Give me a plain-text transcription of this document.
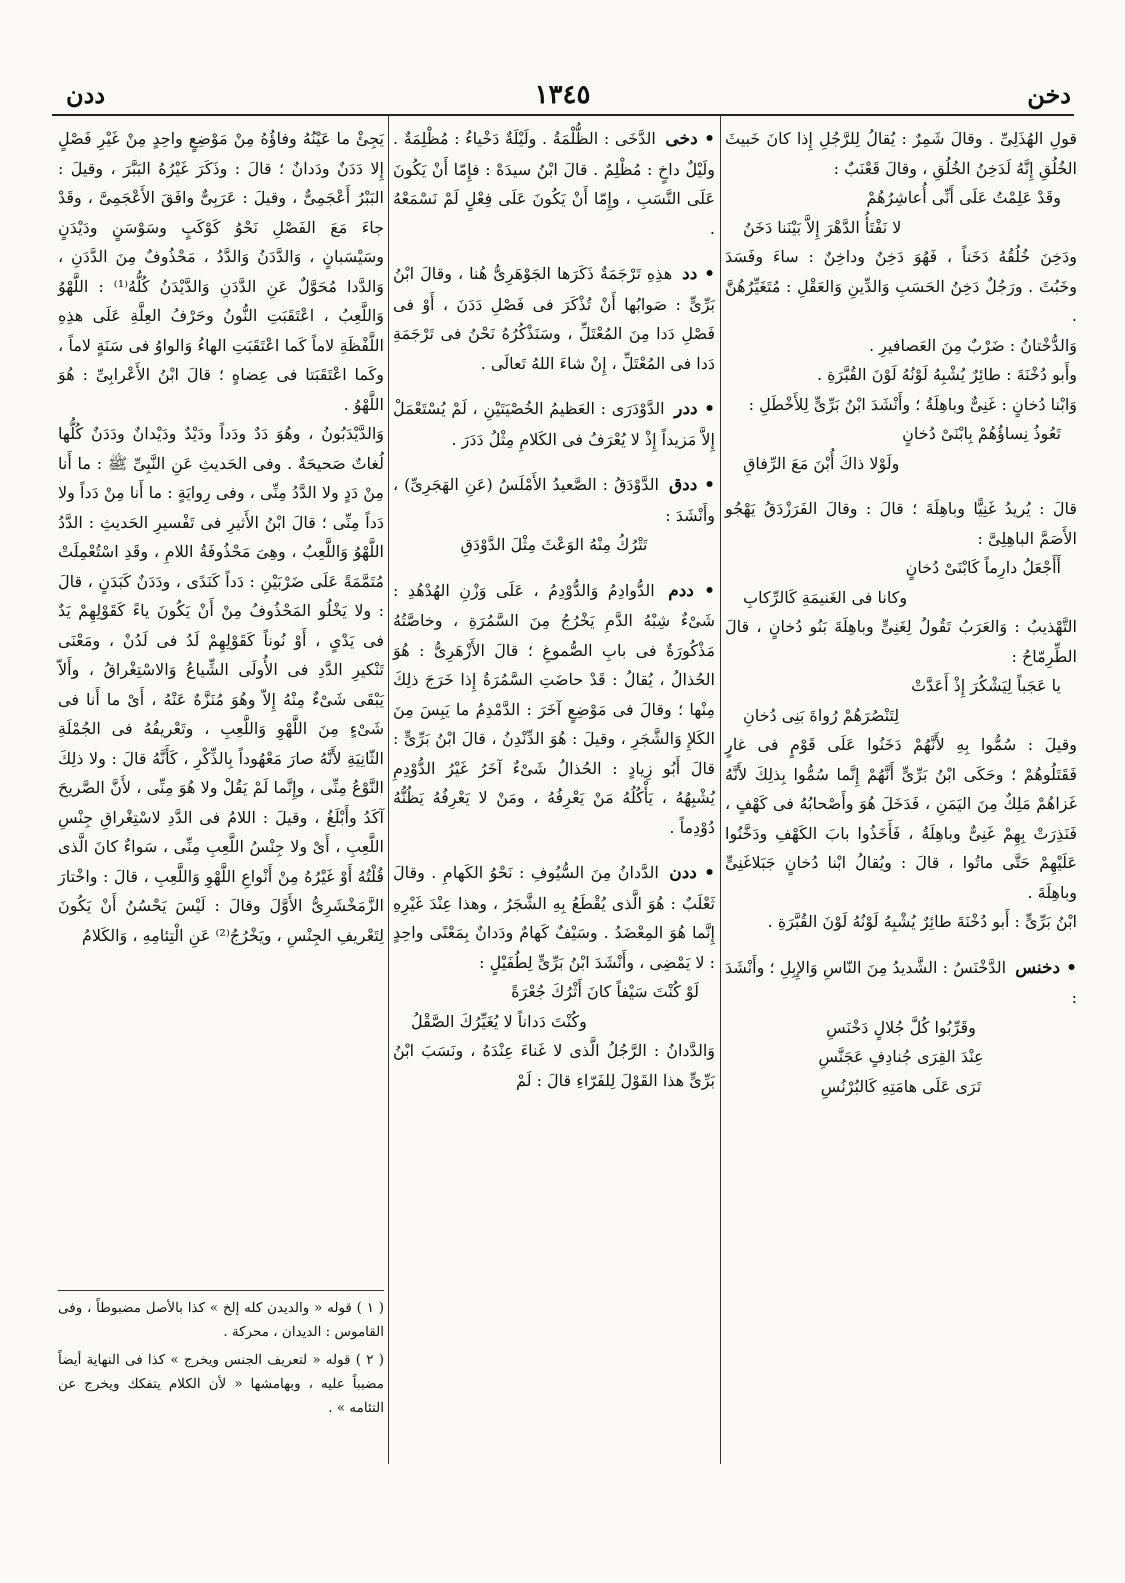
دخن
١٣٤٥
ددن

قولِ الهُذَلِىِّ . وقالَ شَمِرٌ : يُقالُ لِلرَّجُلِ إِذا كانَ خَبيثَ الخُلُقِ إِنَّهُ لَدَخِنُ الخُلُقِ ، وقالَ قَعْنَبٌ :

وقَدْ عَلِمْتُ عَلَى أَنِّى أُعاشِرُهُمْ
لا نَفْتَأُ الدَّهْرَ إِلاَّ بَيْنَنا دَخَنُ

ودَخِنَ خُلُقُهُ دَخَناً ، فَهُوَ دَخِنٌ وداخِنٌ : ساءَ وفَسَدَ وخَبُثَ . ورَجُلٌ دَخِنُ الحَسَبِ وَالدِّينِ وَالعَقْلِ : مُتَغَيِّرُهُنَّ .

وَالدُّخْتانُ : ضَرْبٌ مِنَ العَصافيرِ .

وأَبو دُخْنَةَ : طائِرٌ يُشْبِهُ لَوْنُهُ لَوْنَ القُبَّرَةِ .

وَابْنا دُخانٍ : غَنِىٌّ وباهِلَةُ ؛ وأَنْشَدَ ابْنُ بَرِّىٍّ لِلأَخْطَلِ :

تَعُوذُ نِساؤُهُمْ بِابْنَىْ دُخانٍ
ولَوْلا ذاكَ أُبْنَ مَعَ الرِّفاقِ

قالَ : يُريدُ غَنِيًّا وباهِلَةَ ؛ قالَ : وقالَ الفَرَزْدَقُ يَهْجُو الأَصَمَّ الباهِلِىَّ :

أَأَجْعَلُ دارِماً كَابْنَىْ دُخانٍ
وكانا فى الغَنيمَةِ كَالرِّكابِ

التَّهْذيبُ : وَالعَرَبُ تَقُولُ لِغَنِىٍّ وباهِلَةَ بَنُو دُخانٍ ، قالَ الطِّرِمّاحُ :

يا عَجَباً لِيَشْكُرَ إِذْ أَعَدَّتْ
لِتَنْصُرَهُمْ رُواةَ بَنِى دُخانِ

وقيلَ : سُمُّوا بِهِ لأَنَّهُمْ دَخَنُوا عَلَى قَوْمٍ فى غارٍ فَقَتَلُوهُمْ ؛ وحَكَى ابْنُ بَرِّىٍّ أَنَّهُمْ إِنَّما سُمُّوا بِذلِكَ لأَنَّهُ غَزاهُمْ مَلِكٌ مِنَ اليَمَنِ ، فَدَخَلَ هُوَ وأَصْحابُهُ فى كَهْفٍ ، فَنَذِرَتْ بِهِمْ غَنِىٌّ وباهِلَةُ ، فَأَخَذُوا بابَ الكَهْفِ ودَخَّنُوا عَلَيْهِمْ حَتَّى ماتُوا ، قالَ : ويُقالُ ابْنا دُخانٍ جَبَلاغَنِىٍّ وباهِلَةَ .

ابْنُ بَرِّىٍّ : أَبو دُخْنَةَ طائِرٌ يُشْبِهُ لَوْنُهُ لَوْنَ القُبَّرَةِ .

• دخنس الدَّخْنَسُ : الشَّديدُ مِنَ النّاسِ وَالإِبِلِ ؛ وأَنْشَدَ :

وقَرِّبُوا كُلَّ جُلالٍ دَخْنَسِ
عِنْدَ القِرَى جُنادِفٍ عَجَنَّسِ
تَرَى عَلَى هامَتِهِ كَالبُرْنُسِ

• دخى الدَّخَى : الظُّلْمَةُ . ولَيْلَةٌ دَخْياءُ : مُظْلِمَةٌ . ولَيْلٌ داخٍ : مُظْلِمٌ . قالَ ابْنُ سيدَهْ : فإِمّا أَنْ يَكُونَ عَلَى النَّسَبِ ، وإِمّا أَنْ يَكُونَ عَلَى فِعْلٍ لَمْ نَسْمَعْهُ .

• دد هذِهِ تَرْجَمَةٌ ذَكَرَها الجَوْهَرِىُّ هُنا ، وقالَ ابْنُ بَرِّىٍّ : صَوابُها أَنْ تُذْكَرَ فى فَصْلِ دَدَنَ ، أَوْ فى فَصْلِ دَدا مِنَ المُعْتَلِّ ، وسَنَذْكُرُهُ نَحْنُ فى تَرْجَمَةِ دَدا فى المُعْتَلِّ ، إِنْ شاءَ اللهُ تَعالَى .

• ددر الدَّوْدَرَى : العَظيمُ الخُصْيَتَيْنِ ، لَمْ يُسْتَعْمَلْ إِلاَّ مَزيداً إِذْ لا يُعْرَفُ فى الكَلامِ مِثْلُ دَدَرَ .

• ددق الدَّوْدَقُ : الصَّعيدُ الأَمْلَسُ (عَنِ الهَجَرِىِّ) ، وأَنْشَدَ :

تَتْرُكُ مِنْهُ الوَعْثَ مِثْلَ الدَّوْدَقِ

• ددم الدُّوادِمُ وَالدُّوْدِمُ ، عَلَى وَزْنِ الهُدْهُدِ : شَىْءٌ شِبْهُ الدَّمِ يَخْرُجُ مِنَ السَّمُرَةِ ، وخاصَّتُهُ مَذْكُورَةٌ فى بابِ الصُّموغِ ؛ قالَ الأَزْهَرِىُّ : هُوَ الحُذالُ ، يُقالُ : قَدْ حاضَتِ السَّمُرَةُ إِذا خَرَجَ ذلِكَ مِنْها ؛ وقالَ فى مَوْضِعٍ آخَرَ : الدَّمْدِمُ ما يَبِسَ مِنَ الكَلإِ وَالشَّجَرِ ، وقيلَ : هُوَ الدِّنْدِنُ ، قالَ ابْنُ بَرِّىٍّ : قالَ أَبُو زِيادٍ : الحُذالُ شَىْءٌ آخَرُ غَيْرُ الدُّوْدِمِ يُشْبِهُهُ ، يَأْكُلُهُ مَنْ يَعْرِفُهُ ، ومَنْ لا يَعْرِفُهُ يَظُنُّهُ دُوْدِماً .

• ددن الدَّدانُ مِنَ السُّيُوفِ : نَحْوُ الكَهامِ . وقالَ ثَعْلَبٌ : هُوَ الَّذى يُقْطَعُ بِهِ الشَّجَرُ ، وهذا عِنْدَ غَيْرِهِ إِنَّما هُوَ المِعْضَدُ . وسَيْفٌ كَهامٌ ودَدانٌ بِمَعْنًى واحِدٍ : لا يَمْضِى ، وأَنْشَدَ ابْنُ بَرِّىٍّ لِطُفَيْلٍ :

لَوْ كُنْتَ سَيْفاً كانَ أَثْرُكَ جُعْرَةً
وكُنْتَ دَداناً لا يُغَيِّرُكَ الصَّقْلُ

وَالدَّدانُ : الرَّجُلُ الَّذى لا غَناءَ عِنْدَهُ ، ونَسَبَ ابْنُ بَرِّىٍّ هذا القَوْلَ لِلفَرّاءِ قالَ : لَمْ

يَجِئْ ما عَيْنُهُ وفاؤُهُ مِنْ مَوْضِعٍ واحِدٍ مِنْ غَيْرِ فَصْلٍ إِلا دَدَنٌ ودَدانٌ ؛ قالَ : وذَكَرَ غَيْرُهُ البَبَّرَ ، وقيلَ : البَبْرُ أَعْجَمِىٌّ ، وقيلَ : عَرَبِىٌّ وافَقَ الأَعْجَمِىَّ ، وقَدْ جاءَ مَعَ الفَصْلِ نَحْوُ كَوْكَبٍ وسَوْسَنٍ ودَيْدَنٍ وسَيْسَبانٍ ، وَالدَّدَنُ وَالدَّدُ ، مَحْذُوفٌ مِنَ الدَّدَنِ ، وَالدَّدا مُحَوَّلٌ عَنِ الدَّدَنِ وَالدَّيْدَنُ كُلُّهُ⁽¹⁾ : اللَّهْوُ وَاللَّعِبُ ، اعْتَقَبَتِ النُّونُ وحَرْفُ العِلَّةِ عَلَى هذِهِ اللَّفْظَةِ لاماً كَما اعْتَقَبَتِ الهاءُ وَالواوُ فى سَنَةٍ لاماً ، وكَما اعْتَقَبَتا فى عِضاهٍ ؛ قالَ ابْنُ الأَعْرابِىِّ : هُوَ اللَّهْوُ .

وَالدَّيْدَبُونُ ، وهُوَ دَدٌ ودَداً ودَيْدٌ ودَيْدانٌ ودَدَنٌ كُلُّها لُغاتٌ صَحيحَةٌ . وفى الحَديثِ عَنِ النَّبِىِّ ﷺ : ما أَنا مِنْ دَدٍ ولا الدَّدُ مِنِّى ، وفى رِوايَةٍ : ما أَنا مِنْ دَداً ولا دَداً مِنِّى ؛ قالَ ابْنُ الأَثيرِ فى تَفْسيرِ الحَديثِ : الدَّدُ اللَّهْوُ وَاللَّعِبُ ، وهِىَ مَحْذُوفَةُ اللامِ ، وقَدِ اسْتُعْمِلَتْ مُتَمَّمَةً عَلَى ضَرْبَيْنِ : دَداً كَنَدًى ، ودَدَنٌ كَبَدَنٍ ، قالَ : ولا يَخْلُو المَحْذُوفُ مِنْ أَنْ يَكُونَ ياءً كَقَوْلِهِمْ يَدٌ فى يَدْىٍ ، أَوْ نُوناً كَقَوْلِهِمْ لَدُ فى لَدُنْ ، ومَعْنَى تَنْكيرِ الدَّدِ فى الأُولَى الشِّياعُ وَالاسْتِغْراقُ ، وأَلاّ يَبْقَى شَىْءٌ مِنْهُ إِلاّ وهُوَ مُنَزَّهٌ عَنْهُ ، أَىْ ما أَنا فى شَىْءٍ مِنَ اللَّهْوِ وَاللَّعِبِ ، وتَعْريفُهُ فى الجُمْلَةِ الثّانِيَةِ لأَنَّهُ صارَ مَعْهُوداً بِالذِّكْرِ ، كَأَنَّهُ قالَ : ولا ذلِكَ النَّوْعُ مِنِّى ، وإِنَّما لَمْ يَقُلْ ولا هُوَ مِنِّى ، لأَنَّ الصَّريحَ آكَدُ وأَبْلَغُ ، وقيلَ : اللامُ فى الدَّدِ لاسْتِغْراقِ جِنْسِ اللَّعِبِ ، أَىْ ولا جِنْسُ اللَّعِبِ مِنِّى ، سَواءٌ كانَ الَّذى قُلْتُهُ أَوْ غَيْرُهُ مِنْ أَنْواعِ اللَّهْوِ وَاللَّعِبِ ، قالَ : واخْتارَ الزَّمَخْشَرِىُّ الأَوَّلَ وقالَ : لَيْسَ يَحْسُنُ أَنْ يَكُونَ لِتَعْريفِ الجِنْسِ ، ويَخْرُجُ⁽²⁾ عَنِ الْتِئامِهِ ، وَالكَلامُ

( ١ ) قوله « والديدن كله إلخ » كذا بالأصل مضبوطاً ، وفى القاموس : الديدان ، محركة .

( ٢ ) قوله « لتعريف الجنس ويخرج » كذا فى النهاية أيضاً مضبباً عليه ، وبهامشها « لأن الكلام يتفكك ويخرج عن التئامه » .
